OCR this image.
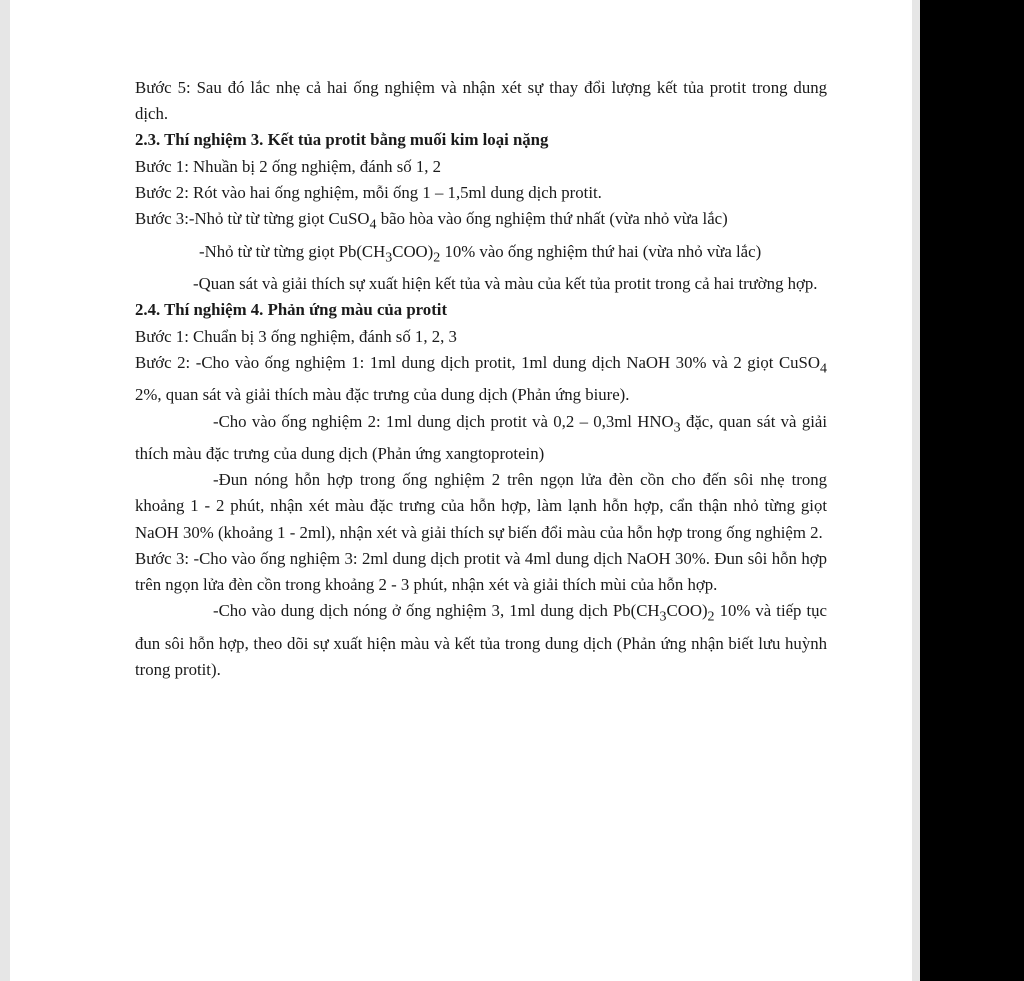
Bước 5: Sau đó lắc nhẹ cả hai ống nghiệm và nhận xét sự thay đổi lượng kết tủa protit trong dung dịch.

2.3. Thí nghiệm 3. Kết tủa protit bằng muối kim loại nặng

Bước 1: Nhuần bị 2 ống nghiệm, đánh số 1, 2

Bước 2: Rót vào hai ống nghiệm, mỗi ống 1 – 1,5ml dung dịch protit.

Bước 3:-Nhỏ từ từ từng giọt CuSO$_4$ bão hòa vào ống nghiệm thứ nhất (vừa nhỏ vừa lắc)

-Nhỏ từ từ từng giọt $Pb(CH_3COO)_2$ 10% vào ống nghiệm thứ hai (vừa nhỏ vừa lắc)

-Quan sát và giải thích sự xuất hiện kết tủa và màu của kết tủa protit trong cả hai trường hợp.

2.4. Thí nghiệm 4. Phản ứng màu của protit

Bước 1: Chuẩn bị 3 ống nghiệm, đánh số 1, 2, 3

Bước 2: -Cho vào ống nghiệm 1: 1ml dung dịch protit, 1ml dung dịch NaOH 30% và 2 giọt CuSO$_4$ 2%, quan sát và giải thích màu đặc trưng của dung dịch (Phản ứng biure).

-Cho vào ống nghiệm 2: 1ml dung dịch protit và 0,2 – 0,3ml $HNO_3$ đặc, quan sát và giải thích màu đặc trưng của dung dịch (Phản ứng xangtoprotein)

-Đun nóng hỗn hợp trong ống nghiệm 2 trên ngọn lửa đèn cồn cho đến sôi nhẹ trong khoảng 1 - 2 phút, nhận xét màu đặc trưng của hỗn hợp, làm lạnh hỗn hợp, cẩn thận nhỏ từng giọt NaOH 30% (khoảng 1 - 2ml), nhận xét và giải thích sự biến đổi màu của hỗn hợp trong ống nghiệm 2.

Bước 3: -Cho vào ống nghiệm 3: 2ml dung dịch protit và 4ml dung dịch NaOH 30%. Đun sôi hỗn hợp trên ngọn lửa đèn cồn trong khoảng 2 - 3 phút, nhận xét và giải thích mùi của hỗn hợp.

-Cho vào dung dịch nóng ở ống nghiệm 3, 1ml dung dịch $Pb(CH_3COO)_2$ 10% và tiếp tục đun sôi hỗn hợp, theo dõi sự xuất hiện màu và kết tủa trong dung dịch (Phản ứng nhận biết lưu huỳnh trong protit).
